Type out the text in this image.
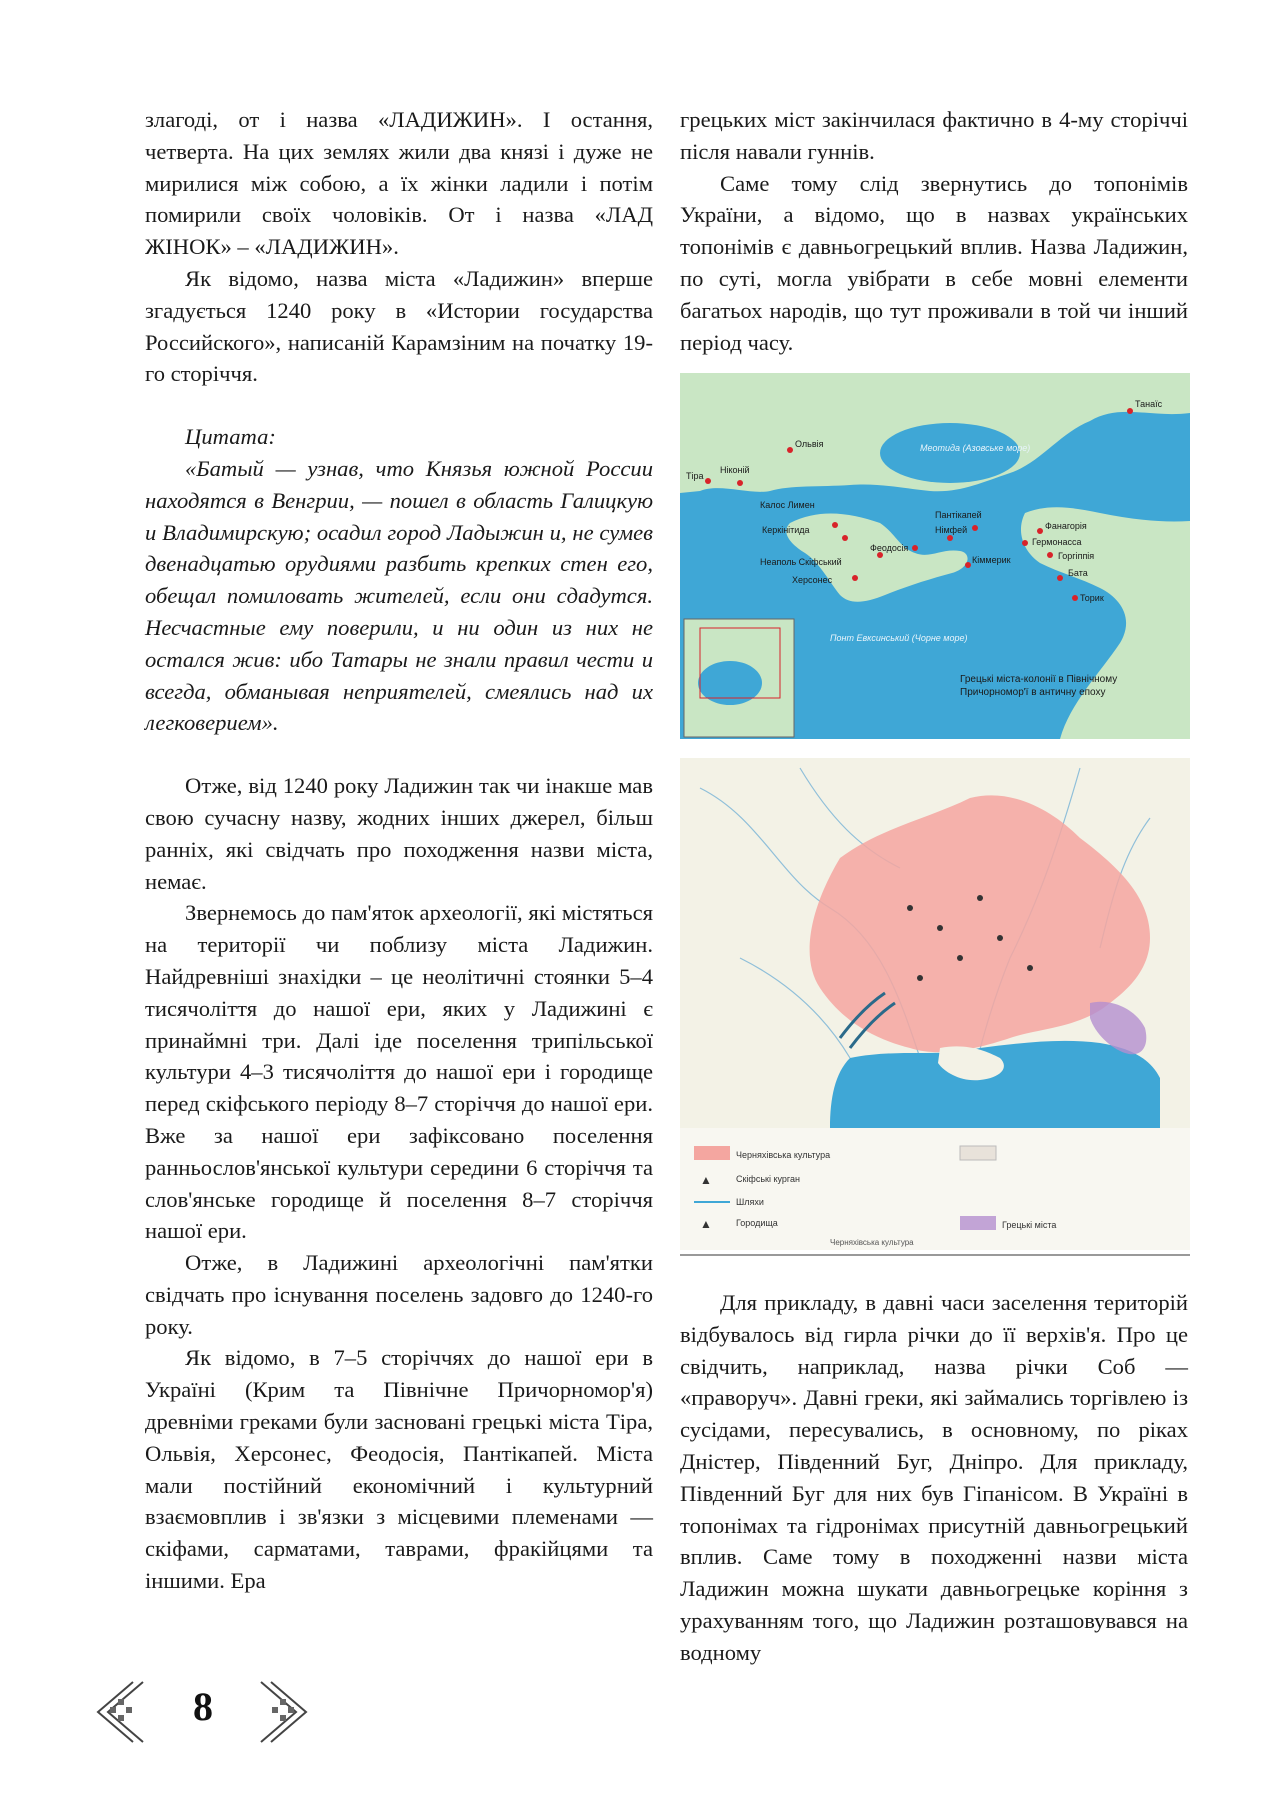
злагоді, от і назва «ЛАДИЖИН». І остання, четверта. На цих землях жили два князі і дуже не мирилися між собою, а їх жінки ладили і потім помирили своїх чоловіків. От і назва «ЛАД ЖІНОК» – «ЛАДИЖИН».

Як відомо, назва міста «Ладижин» вперше згадується 1240 року в «Истории государства Российского», написаній Карамзіним на початку 19-го сторіччя.

Цитата:

«Батый — узнав, что Князья южной России находятся в Венгрии, — пошел в область Галицкую и Владимирскую; осадил город Ладыжин и, не сумев двенадцатью орудиями разбить крепких стен его, обещал помиловать жителей, если они сдадутся. Несчастные ему поверили, и ни один из них не остался жив: ибо Татары не знали правил чести и всегда, обманывая неприятелей, смеялись над их легковерием».

Отже, від 1240 року Ладижин так чи інакше мав свою сучасну назву, жодних інших джерел, більш ранніх, які свідчать про походження назви міста, немає.

Звернемось до пам'яток археології, які містяться на території чи поблизу міста Ладижин. Найдревніші знахідки – це неолітичні стоянки 5–4 тисячоліття до нашої ери, яких у Ладижині є принаймні три. Далі іде поселення трипільської культури 4–3 тисячоліття до нашої ери і городище перед скіфського періоду 8–7 сторіччя до нашої ери. Вже за нашої ери зафіксовано поселення ранньослов'янської культури середини 6 сторіччя та слов'янське городище й поселення 8–7 сторіччя нашої ери.

Отже, в Ладижині археологічні пам'ятки свідчать про існування поселень задовго до 1240-го року.

Як відомо, в 7–5 сторіччях до нашої ери в Україні (Крим та Північне Причорномор'я) древніми греками були засновані грецькі міста Тіра, Ольвія, Херсонес, Феодосія, Пантікапей. Міста мали постійний економічний і культурний взаємовплив і зв'язки з місцевими племенами — скіфами, сарматами, таврами, фракійцями та іншими. Ера

грецьких міст закінчилася фактично в 4-му сторіччі після навали гуннів.

Саме тому слід звернутись до топонімів України, а відомо, що в назвах українських топонімів є давньогрецький вплив. Назва Ладижин, по суті, могла увібрати в себе мовні елементи багатьох народів, що тут проживали в той чи інший період часу.

Танаїс
Тіра
Ніконій
Ольвія
Калос Лимен
Керкінітида
Неаполь Скіфський
Херсонес
Пантікапей
Німфей
Феодосія
Кіммерик
Фанагорія
Гермонасса
Горгіппія
Бата
Торик
Меотида (Азовське море)
Понт Евксинський (Чорне море)
Грецькі міста-колонії в Північному Причорномор'ї в античну епоху
Черняхівська культура
▲	Скіфські курган
Шляхи
▲	Городища	Грецькі міста
Черняхівська культура

Для прикладу, в давні часи заселення територій відбувалось від гирла річки до її верхів'я. Про це свідчить, наприклад, назва річки Соб — «праворуч». Давні греки, які займались торгівлею із сусідами, пересувались, в основному, по ріках Дністер, Південний Буг, Дніпро. Для прикладу, Південний Буг для них був Гіпанісом. В Україні в топонімах та гідронімах присутній давньогрецький вплив. Саме тому в походженні назви міста Ладижин можна шукати давньогрецьке коріння з урахуванням того, що Ладижин розташовувався на водному

8
